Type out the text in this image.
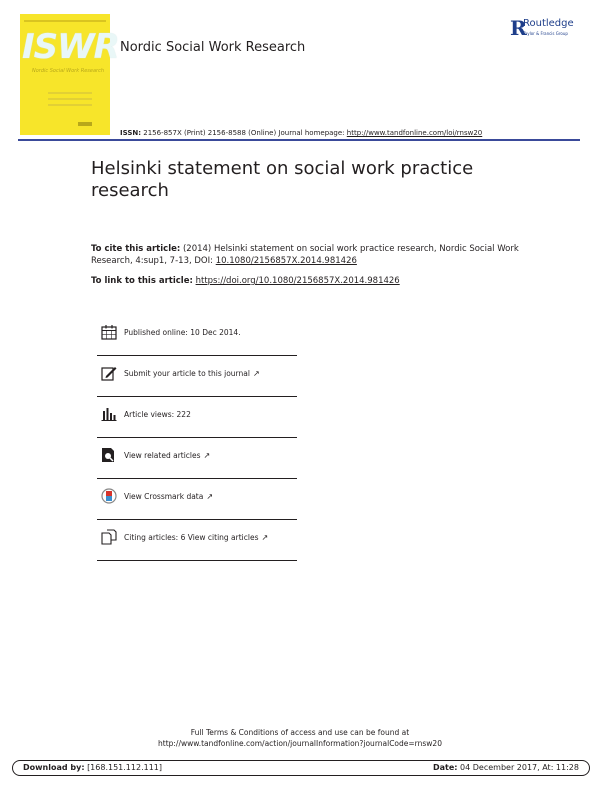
ISWR
Nordic Social Work Research
Nordic Social Work Research
R
Routledge
Taylor & Francis Group
ISSN: 2156-857X (Print) 2156-8588 (Online) Journal homepage: http://www.tandfonline.com/loi/rnsw20
Helsinki statement on social work practice research
To cite this article: (2014) Helsinki statement on social work practice research, Nordic Social Work Research, 4:sup1, 7-13, DOI: 10.1080/2156857X.2014.981426
To link to this article: https://doi.org/10.1080/2156857X.2014.981426
Published online: 10 Dec 2014.
Submit your article to this journal ↗
Article views: 222
View related articles ↗
View Crossmark data ↗
Citing articles: 6 View citing articles ↗
Full Terms & Conditions of access and use can be found at
http://www.tandfonline.com/action/journalInformation?journalCode=rnsw20
Download by: [168.151.112.111]	Date: 04 December 2017, At: 11:28
